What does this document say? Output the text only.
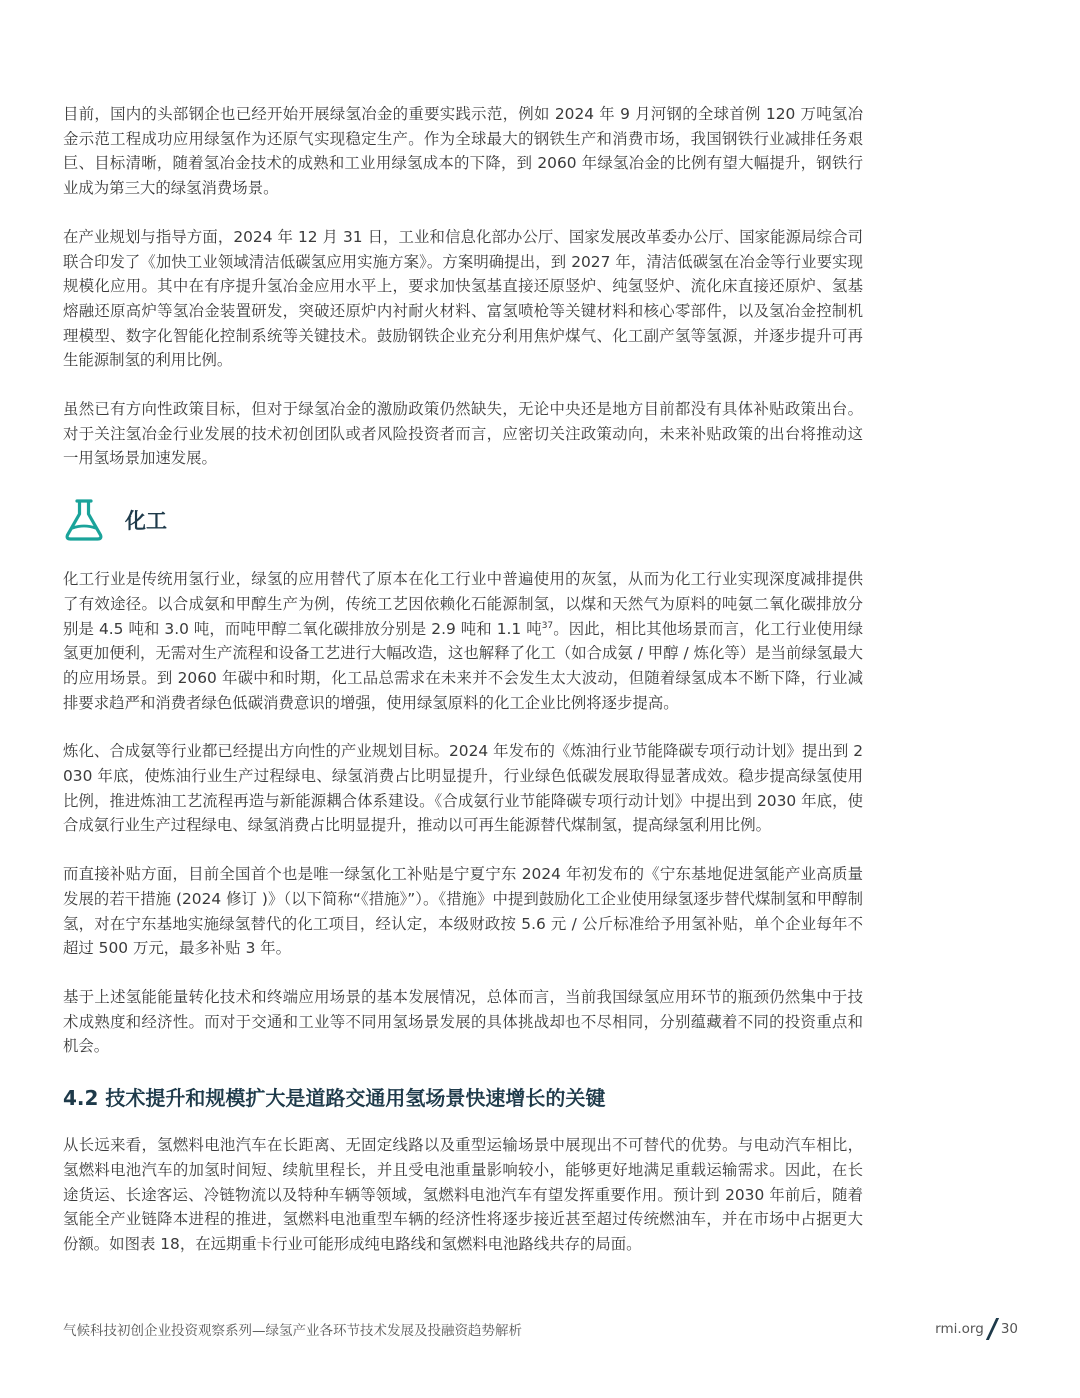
目前，国内的头部钢企也已经开始开展绿氢冶金的重要实践示范，例如 2024 年 9 月河钢的全球首例 120 万吨氢冶金示范工程成功应用绿氢作为还原气实现稳定生产。作为全球最大的钢铁生产和消费市场，我国钢铁行业减排任务艰巨、目标清晰，随着氢冶金技术的成熟和工业用绿氢成本的下降，到 2060 年绿氢冶金的比例有望大幅提升，钢铁行业成为第三大的绿氢消费场景。

在产业规划与指导方面，2024 年 12 月 31 日，工业和信息化部办公厅、国家发展改革委办公厅、国家能源局综合司联合印发了《加快工业领域清洁低碳氢应用实施方案》。方案明确提出，到 2027 年，清洁低碳氢在冶金等行业要实现规模化应用。其中在有序提升氢冶金应用水平上，要求加快氢基直接还原竖炉、纯氢竖炉、流化床直接还原炉、氢基熔融还原高炉等氢冶金装置研发，突破还原炉内衬耐火材料、富氢喷枪等关键材料和核心零部件，以及氢冶金控制机理模型、数字化智能化控制系统等关键技术。鼓励钢铁企业充分利用焦炉煤气、化工副产氢等氢源，并逐步提升可再生能源制氢的利用比例。

虽然已有方向性政策目标，但对于绿氢冶金的激励政策仍然缺失，无论中央还是地方目前都没有具体补贴政策出台。对于关注氢冶金行业发展的技术初创团队或者风险投资者而言，应密切关注政策动向，未来补贴政策的出台将推动这一用氢场景加速发展。

化工

化工行业是传统用氢行业，绿氢的应用替代了原本在化工行业中普遍使用的灰氢，从而为化工行业实现深度减排提供了有效途径。以合成氨和甲醇生产为例，传统工艺因依赖化石能源制氢，以煤和天然气为原料的吨氨二氧化碳排放分别是 4.5 吨和 3.0 吨，而吨甲醇二氧化碳排放分别是 2.9 吨和 1.1 吨$^{37}$。因此，相比其他场景而言，化工行业使用绿氢更加便利，无需对生产流程和设备工艺进行大幅改造，这也解释了化工（如合成氨 / 甲醇 / 炼化等）是当前绿氢最大的应用场景。到 2060 年碳中和时期，化工品总需求在未来并不会发生太大波动，但随着绿氢成本不断下降，行业减排要求趋严和消费者绿色低碳消费意识的增强，使用绿氢原料的化工企业比例将逐步提高。

炼化、合成氨等行业都已经提出方向性的产业规划目标。2024 年发布的《炼油行业节能降碳专项行动计划》提出到 2030 年底，使炼油行业生产过程绿电、绿氢消费占比明显提升，行业绿色低碳发展取得显著成效。稳步提高绿氢使用比例，推进炼油工艺流程再造与新能源耦合体系建设。《合成氨行业节能降碳专项行动计划》中提出到 2030 年底，使合成氨行业生产过程绿电、绿氢消费占比明显提升，推动以可再生能源替代煤制氢，提高绿氢利用比例。

而直接补贴方面，目前全国首个也是唯一绿氢化工补贴是宁夏宁东 2024 年初发布的《宁东基地促进氢能产业高质量发展的若干措施 (2024 修订 )》（以下简称“《措施》”）。《措施》中提到鼓励化工企业使用绿氢逐步替代煤制氢和甲醇制氢，对在宁东基地实施绿氢替代的化工项目，经认定，本级财政按 5.6 元 / 公斤标准给予用氢补贴，单个企业每年不超过 500 万元，最多补贴 3 年。

基于上述氢能能量转化技术和终端应用场景的基本发展情况，总体而言，当前我国绿氢应用环节的瓶颈仍然集中于技术成熟度和经济性。而对于交通和工业等不同用氢场景发展的具体挑战却也不尽相同，分别蕴藏着不同的投资重点和机会。

4.2 技术提升和规模扩大是道路交通用氢场景快速增长的关键

从长远来看，氢燃料电池汽车在长距离、无固定线路以及重型运输场景中展现出不可替代的优势。与电动汽车相比，氢燃料电池汽车的加氢时间短、续航里程长，并且受电池重量影响较小，能够更好地满足重载运输需求。因此，在长途货运、长途客运、冷链物流以及特种车辆等领域，氢燃料电池汽车有望发挥重要作用。预计到 2030 年前后，随着氢能全产业链降本进程的推进，氢燃料电池重型车辆的经济性将逐步接近甚至超过传统燃油车，并在市场中占据更大份额。如图表 18，在远期重卡行业可能形成纯电路线和氢燃料电池路线共存的局面。

气候科技初创企业投资观察系列—绿氢产业各环节技术发展及投融资趋势解析	rmi.org 30
